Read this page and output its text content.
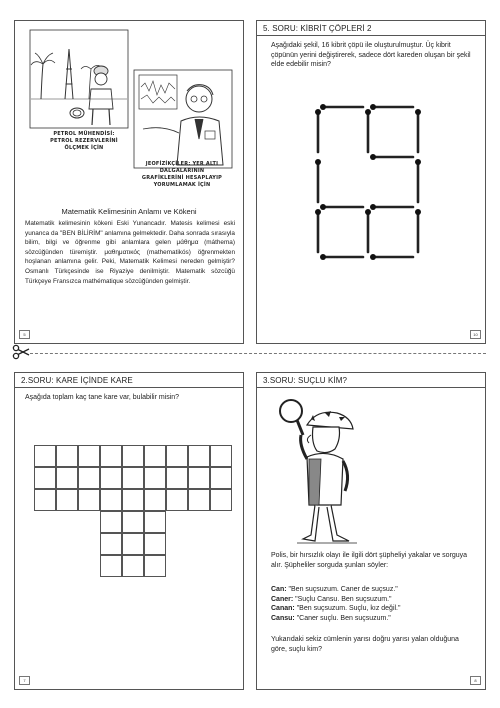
PETROL MÜHENDİSİ:
PETROL REZERVLERİNİ
ÖLÇMEK İÇİN
JEOFİZİKÇİLER: YER ALTI
DALGALARININ
GRAFİKLERİNİ HESAPLAYIP
YORUMLAMAK İÇİN
Matematik Kelimesinin Anlamı ve Kökeni
Matematik kelimesinin kökeni Eski Yunancadır. Matesis kelimesi eski yunanca da "BEN BİLİRİM" anlamına gelmektedir. Daha sonrada sırasıyla bilim, bilgi ve öğrenme gibi anlamlara gelen μάθημα (máthema) sözcüğünden türemiştir. μαθηματικός (mathematikós) öğrenmekten hoşlanan anlamına gelir. Peki, Matematik Kelimesi nereden gelmiştir? Osmanlı Türkçesinde ise Riyaziye denilmiştir. Matematik sözcüğü Türkçeye Fransızca mathématique sözcüğünden gelmiştir.
5
5. SORU: KİBRİT ÇÖPLERİ 2
Aşağıdaki şekil, 16 kibrit çöpü ile oluşturulmuştur. Üç kibrit çöpünün yerini değiştirerek, sadece dört kareden oluşan bir şekil elde edebilir misin?
10
2.SORU: KARE İÇİNDE KARE
Aşağıda toplam kaç tane kare var, bulabilir misin?
7
3.SORU: SUÇLU KİM?
Polis, bir hırsızlık olayı ile ilgili dört şüpheliyi yakalar ve sorguya alır. Şüpheliler sorguda şunları söyler:
Can: "Ben suçsuzum. Caner de suçsuz."
Caner: "Suçlu Cansu. Ben suçsuzum."
Canan: "Ben suçsuzum. Suçlu, kız değil."
Cansu: "Caner suçlu. Ben suçsuzum."
Yukarıdaki sekiz cümlenin yarısı doğru yarısı yalan olduğuna göre, suçlu kim?
8
